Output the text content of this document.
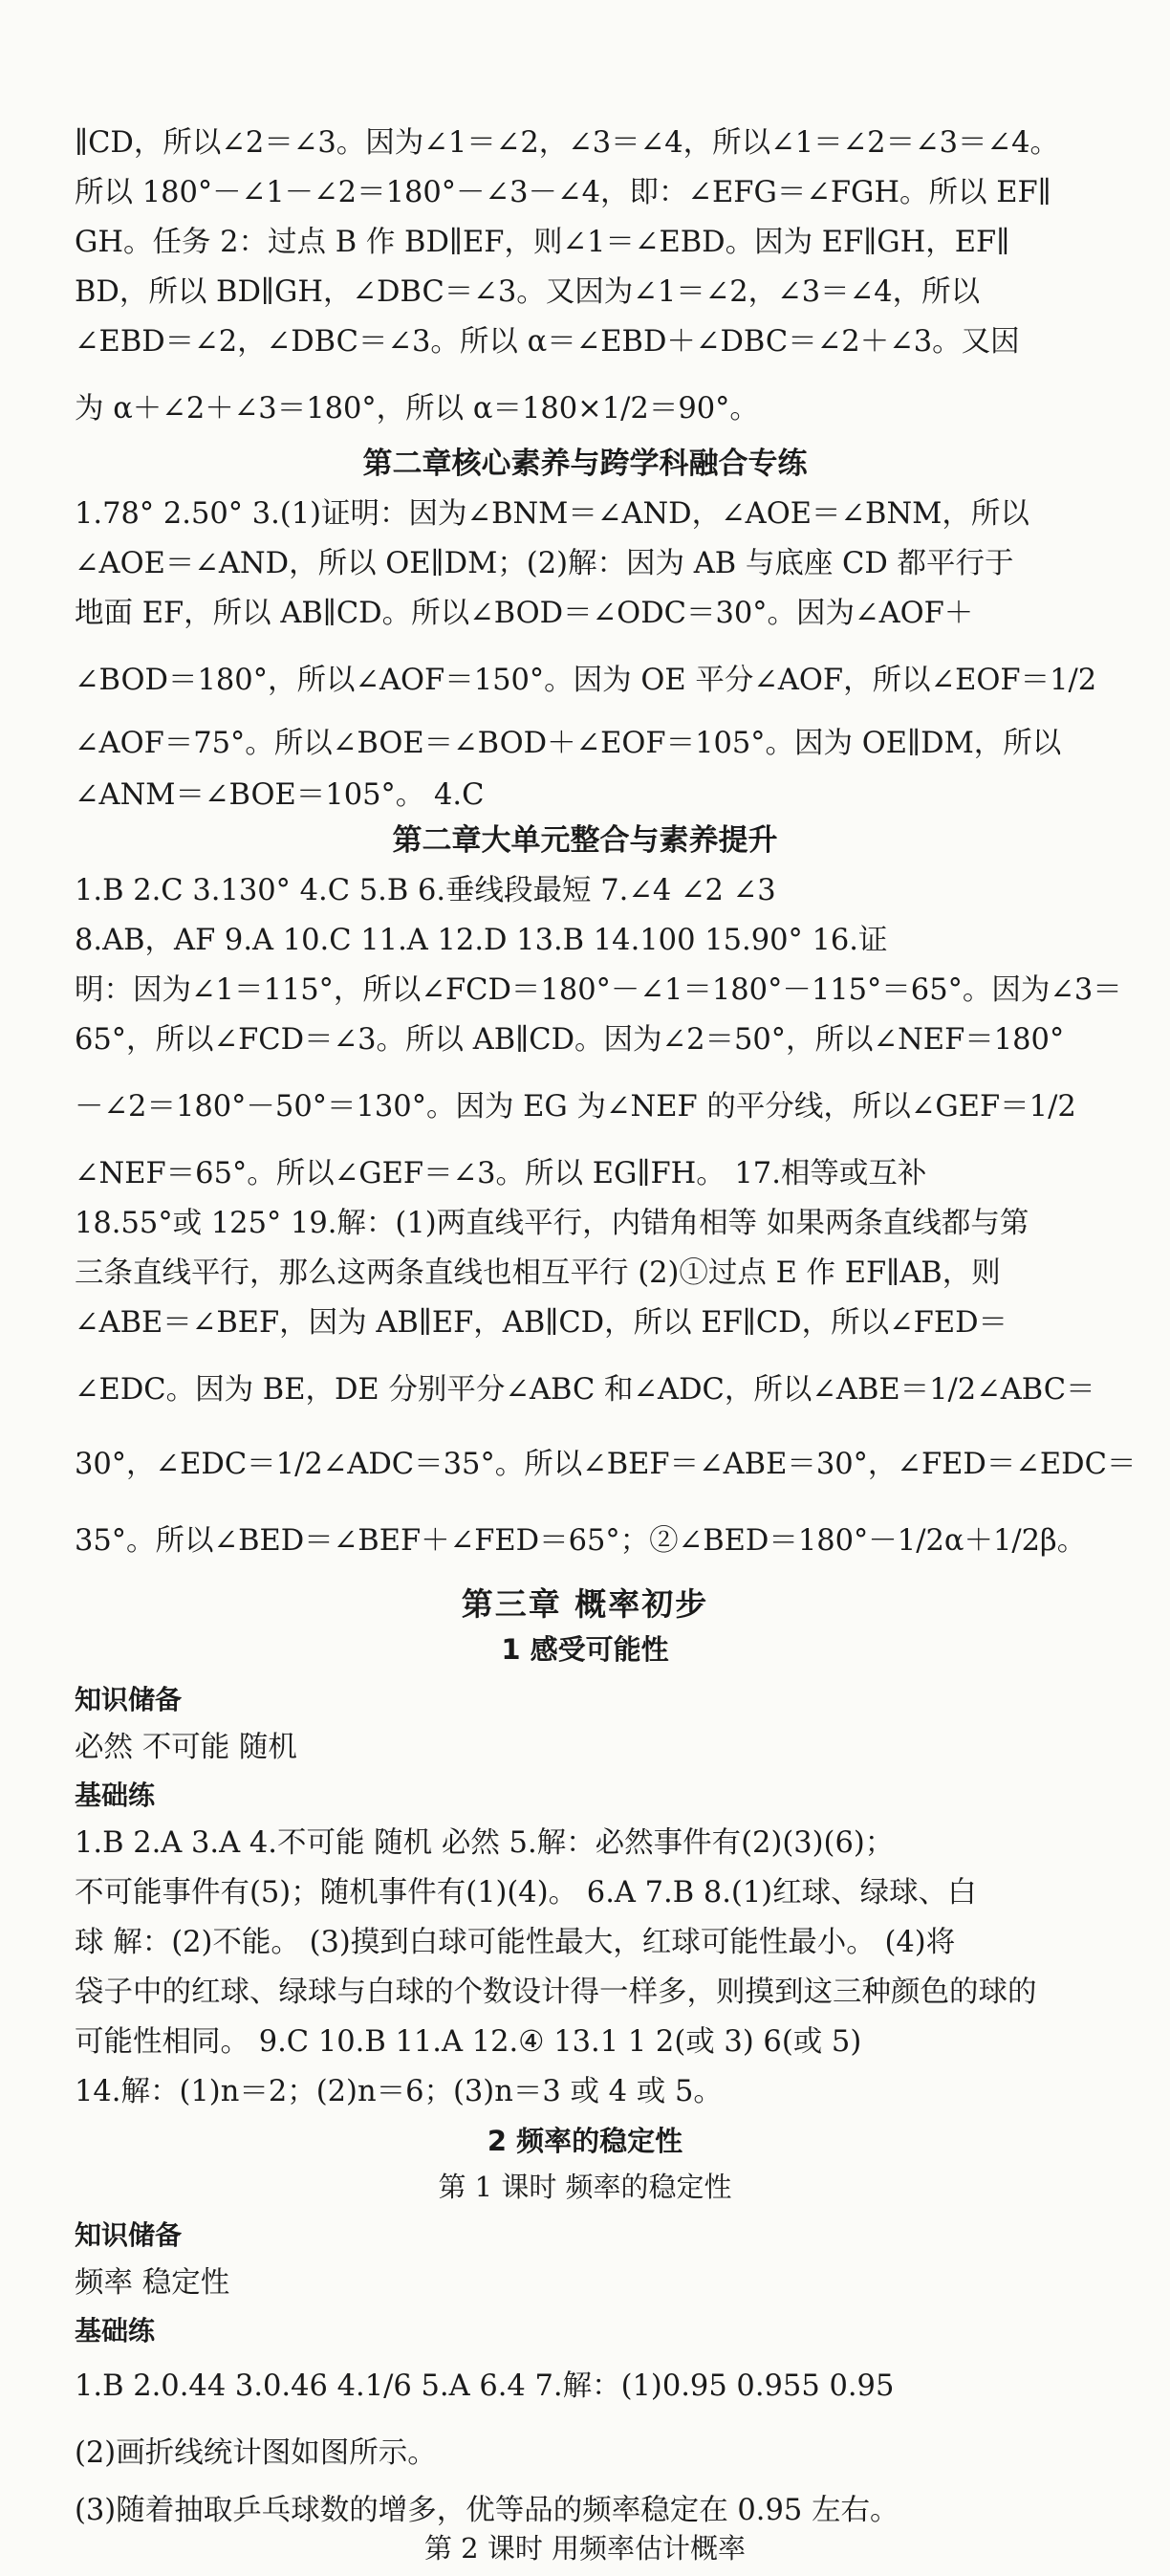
∥CD，所以∠2＝∠3。因为∠1＝∠2，∠3＝∠4，所以∠1＝∠2＝∠3＝∠4。
所以 180°－∠1－∠2＝180°－∠3－∠4，即：∠EFG＝∠FGH。所以 EF∥
GH。任务 2：过点 B 作 BD∥EF，则∠1＝∠EBD。因为 EF∥GH，EF∥
BD，所以 BD∥GH，∠DBC＝∠3。又因为∠1＝∠2，∠3＝∠4，所以
∠EBD＝∠2，∠DBC＝∠3。所以 α＝∠EBD＋∠DBC＝∠2＋∠3。又因
为 α＋∠2＋∠3＝180°，所以 α＝180×1/2＝90°。
第二章核心素养与跨学科融合专练
1.78° 2.50° 3.(1)证明：因为∠BNM＝∠AND，∠AOE＝∠BNM，所以
∠AOE＝∠AND，所以 OE∥DM；(2)解：因为 AB 与底座 CD 都平行于
地面 EF，所以 AB∥CD。所以∠BOD＝∠ODC＝30°。因为∠AOF＋
∠BOD＝180°，所以∠AOF＝150°。因为 OE 平分∠AOF，所以∠EOF＝1/2
∠AOF＝75°。所以∠BOE＝∠BOD＋∠EOF＝105°。因为 OE∥DM，所以
∠ANM＝∠BOE＝105°。 4.C
第二章大单元整合与素养提升
1.B 2.C 3.130° 4.C 5.B 6.垂线段最短 7.∠4 ∠2 ∠3
8.AB，AF 9.A 10.C 11.A 12.D 13.B 14.100 15.90° 16.证
明：因为∠1＝115°，所以∠FCD＝180°－∠1＝180°－115°＝65°。因为∠3＝
65°，所以∠FCD＝∠3。所以 AB∥CD。因为∠2＝50°，所以∠NEF＝180°
－∠2＝180°－50°＝130°。因为 EG 为∠NEF 的平分线，所以∠GEF＝1/2
∠NEF＝65°。所以∠GEF＝∠3。所以 EG∥FH。 17.相等或互补
18.55°或 125° 19.解：(1)两直线平行，内错角相等 如果两条直线都与第
三条直线平行，那么这两条直线也相互平行 (2)①过点 E 作 EF∥AB，则
∠ABE＝∠BEF，因为 AB∥EF，AB∥CD，所以 EF∥CD，所以∠FED＝
∠EDC。因为 BE，DE 分别平分∠ABC 和∠ADC，所以∠ABE＝1/2∠ABC＝
30°，∠EDC＝1/2∠ADC＝35°。所以∠BEF＝∠ABE＝30°，∠FED＝∠EDC＝
35°。所以∠BED＝∠BEF＋∠FED＝65°；②∠BED＝180°－1/2α＋1/2β。
第三章 概率初步
1 感受可能性
知识储备
必然 不可能 随机
基础练
1.B 2.A 3.A 4.不可能 随机 必然 5.解：必然事件有(2)(3)(6)；
不可能事件有(5)；随机事件有(1)(4)。 6.A 7.B 8.(1)红球、绿球、白
球 解：(2)不能。 (3)摸到白球可能性最大，红球可能性最小。 (4)将
袋子中的红球、绿球与白球的个数设计得一样多，则摸到这三种颜色的球的
可能性相同。 9.C 10.B 11.A 12.④ 13.1 1 2(或 3) 6(或 5)
14.解：(1)n＝2；(2)n＝6；(3)n＝3 或 4 或 5。
2 频率的稳定性
第 1 课时 频率的稳定性
知识储备
频率 稳定性
基础练
1.B 2.0.44 3.0.46 4.1/6 5.A 6.4 7.解：(1)0.95 0.955 0.95
(2)画折线统计图如图所示。
(3)随着抽取乒乓球数的增多，优等品的频率稳定在 0.95 左右。
第 2 课时 用频率估计概率
